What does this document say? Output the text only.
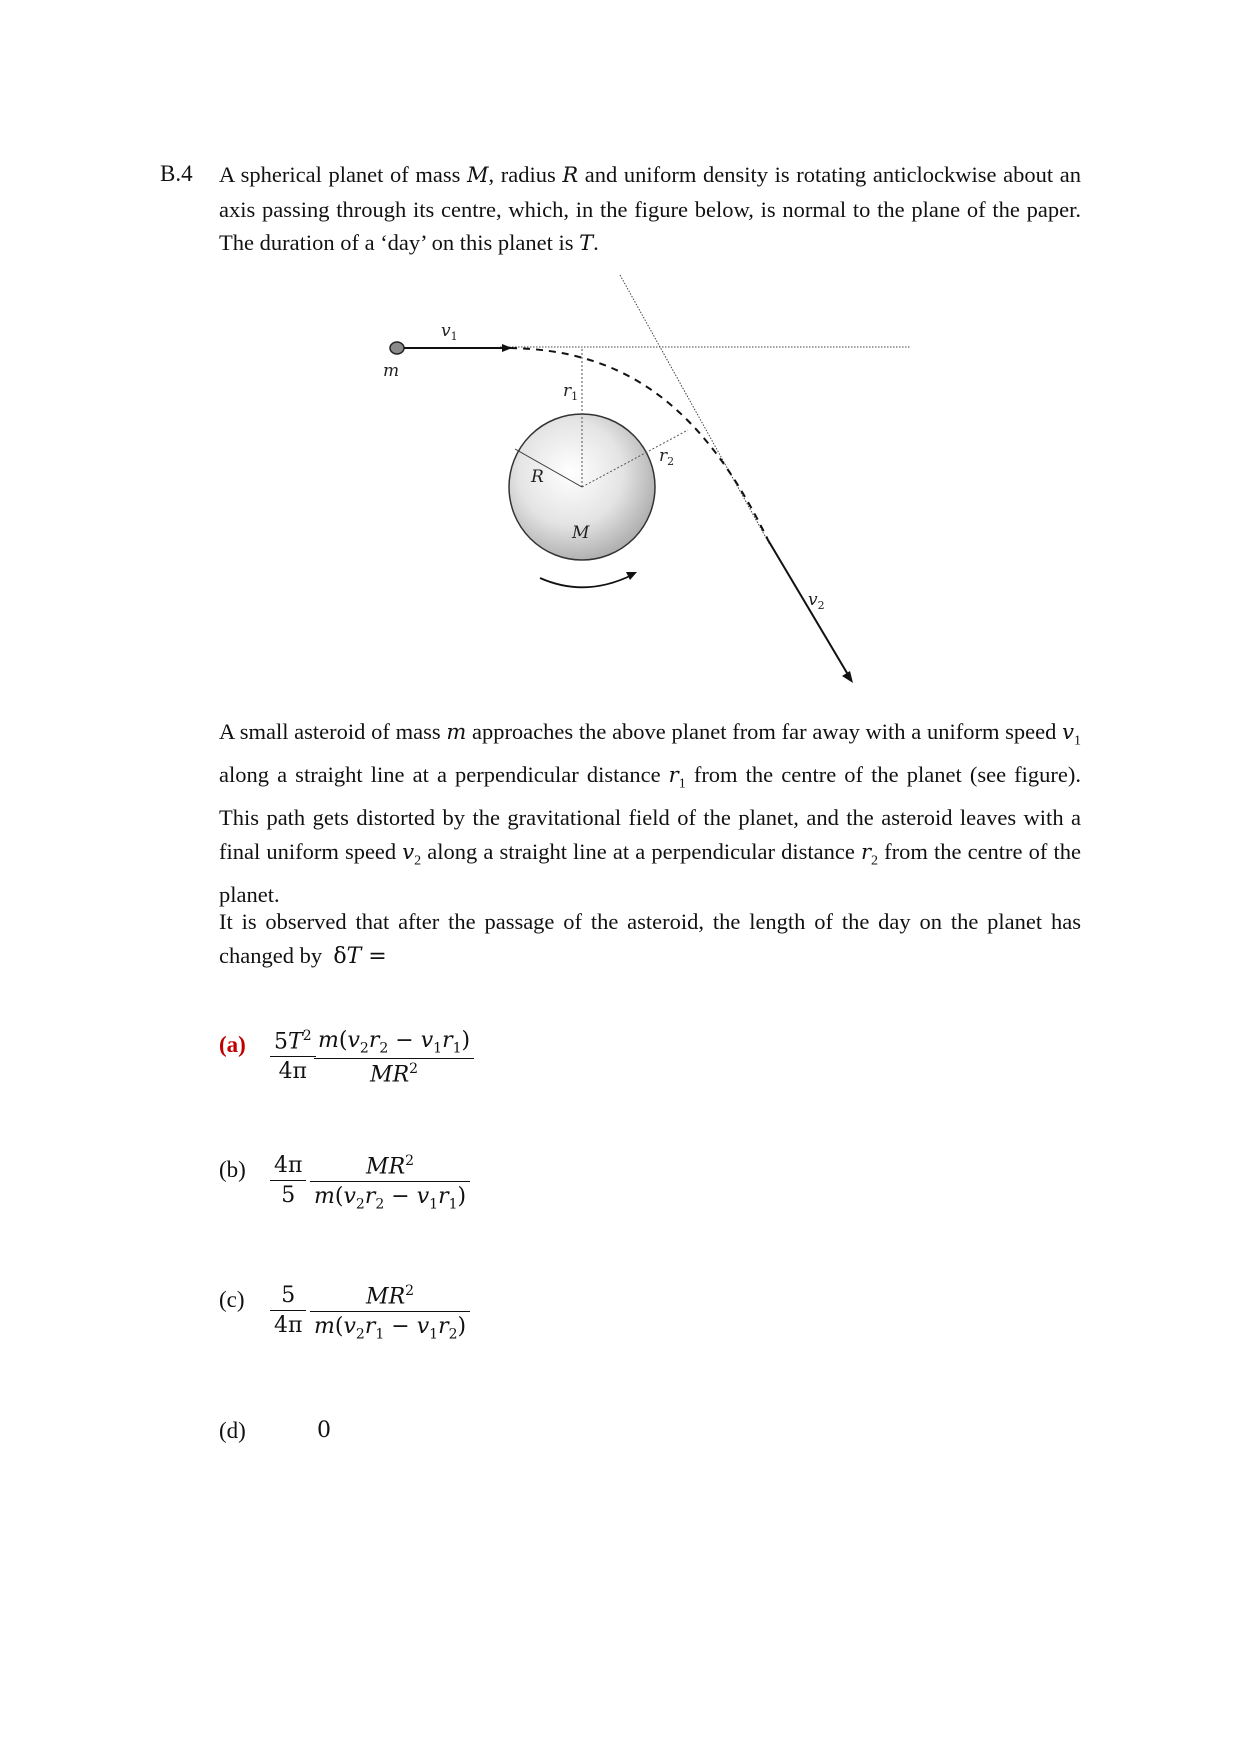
B.4 A spherical planet of mass M, radius R and uniform density is rotating anticlockwise about an axis passing through its centre, which, in the figure below, is normal to the plane of the paper. The duration of a ‘day’ on this planet is T.
$v_1$
m
$r_1$
$r_2$
R
M
$v_2$
A small asteroid of mass m approaches the above planet from far away with a uniform speed $v_1$ along a straight line at a perpendicular distance $r_1$ from the centre of the planet (see figure). This path gets distorted by the gravitational field of the planet, and the asteroid leaves with a final uniform speed $v_2$ along a straight line at a perpendicular distance $r_2$ from the centre of the planet.
It is observed that after the passage of the asteroid, the length of the day on the planet has changed by  δT =
$(a) \frac{5T^2}{4\pi}$
$\frac{m(v_2r_2 - v_1r_1)}{MR^2}$
$(b) \frac{4\pi}{5} \frac{MR^2}{m(v_2r_2 - v_1r_1)}$
$(c) \frac{5}{4\pi} \frac{MR^2}{m(v_2r_1 - v_1r_2)}$
(d)	0
